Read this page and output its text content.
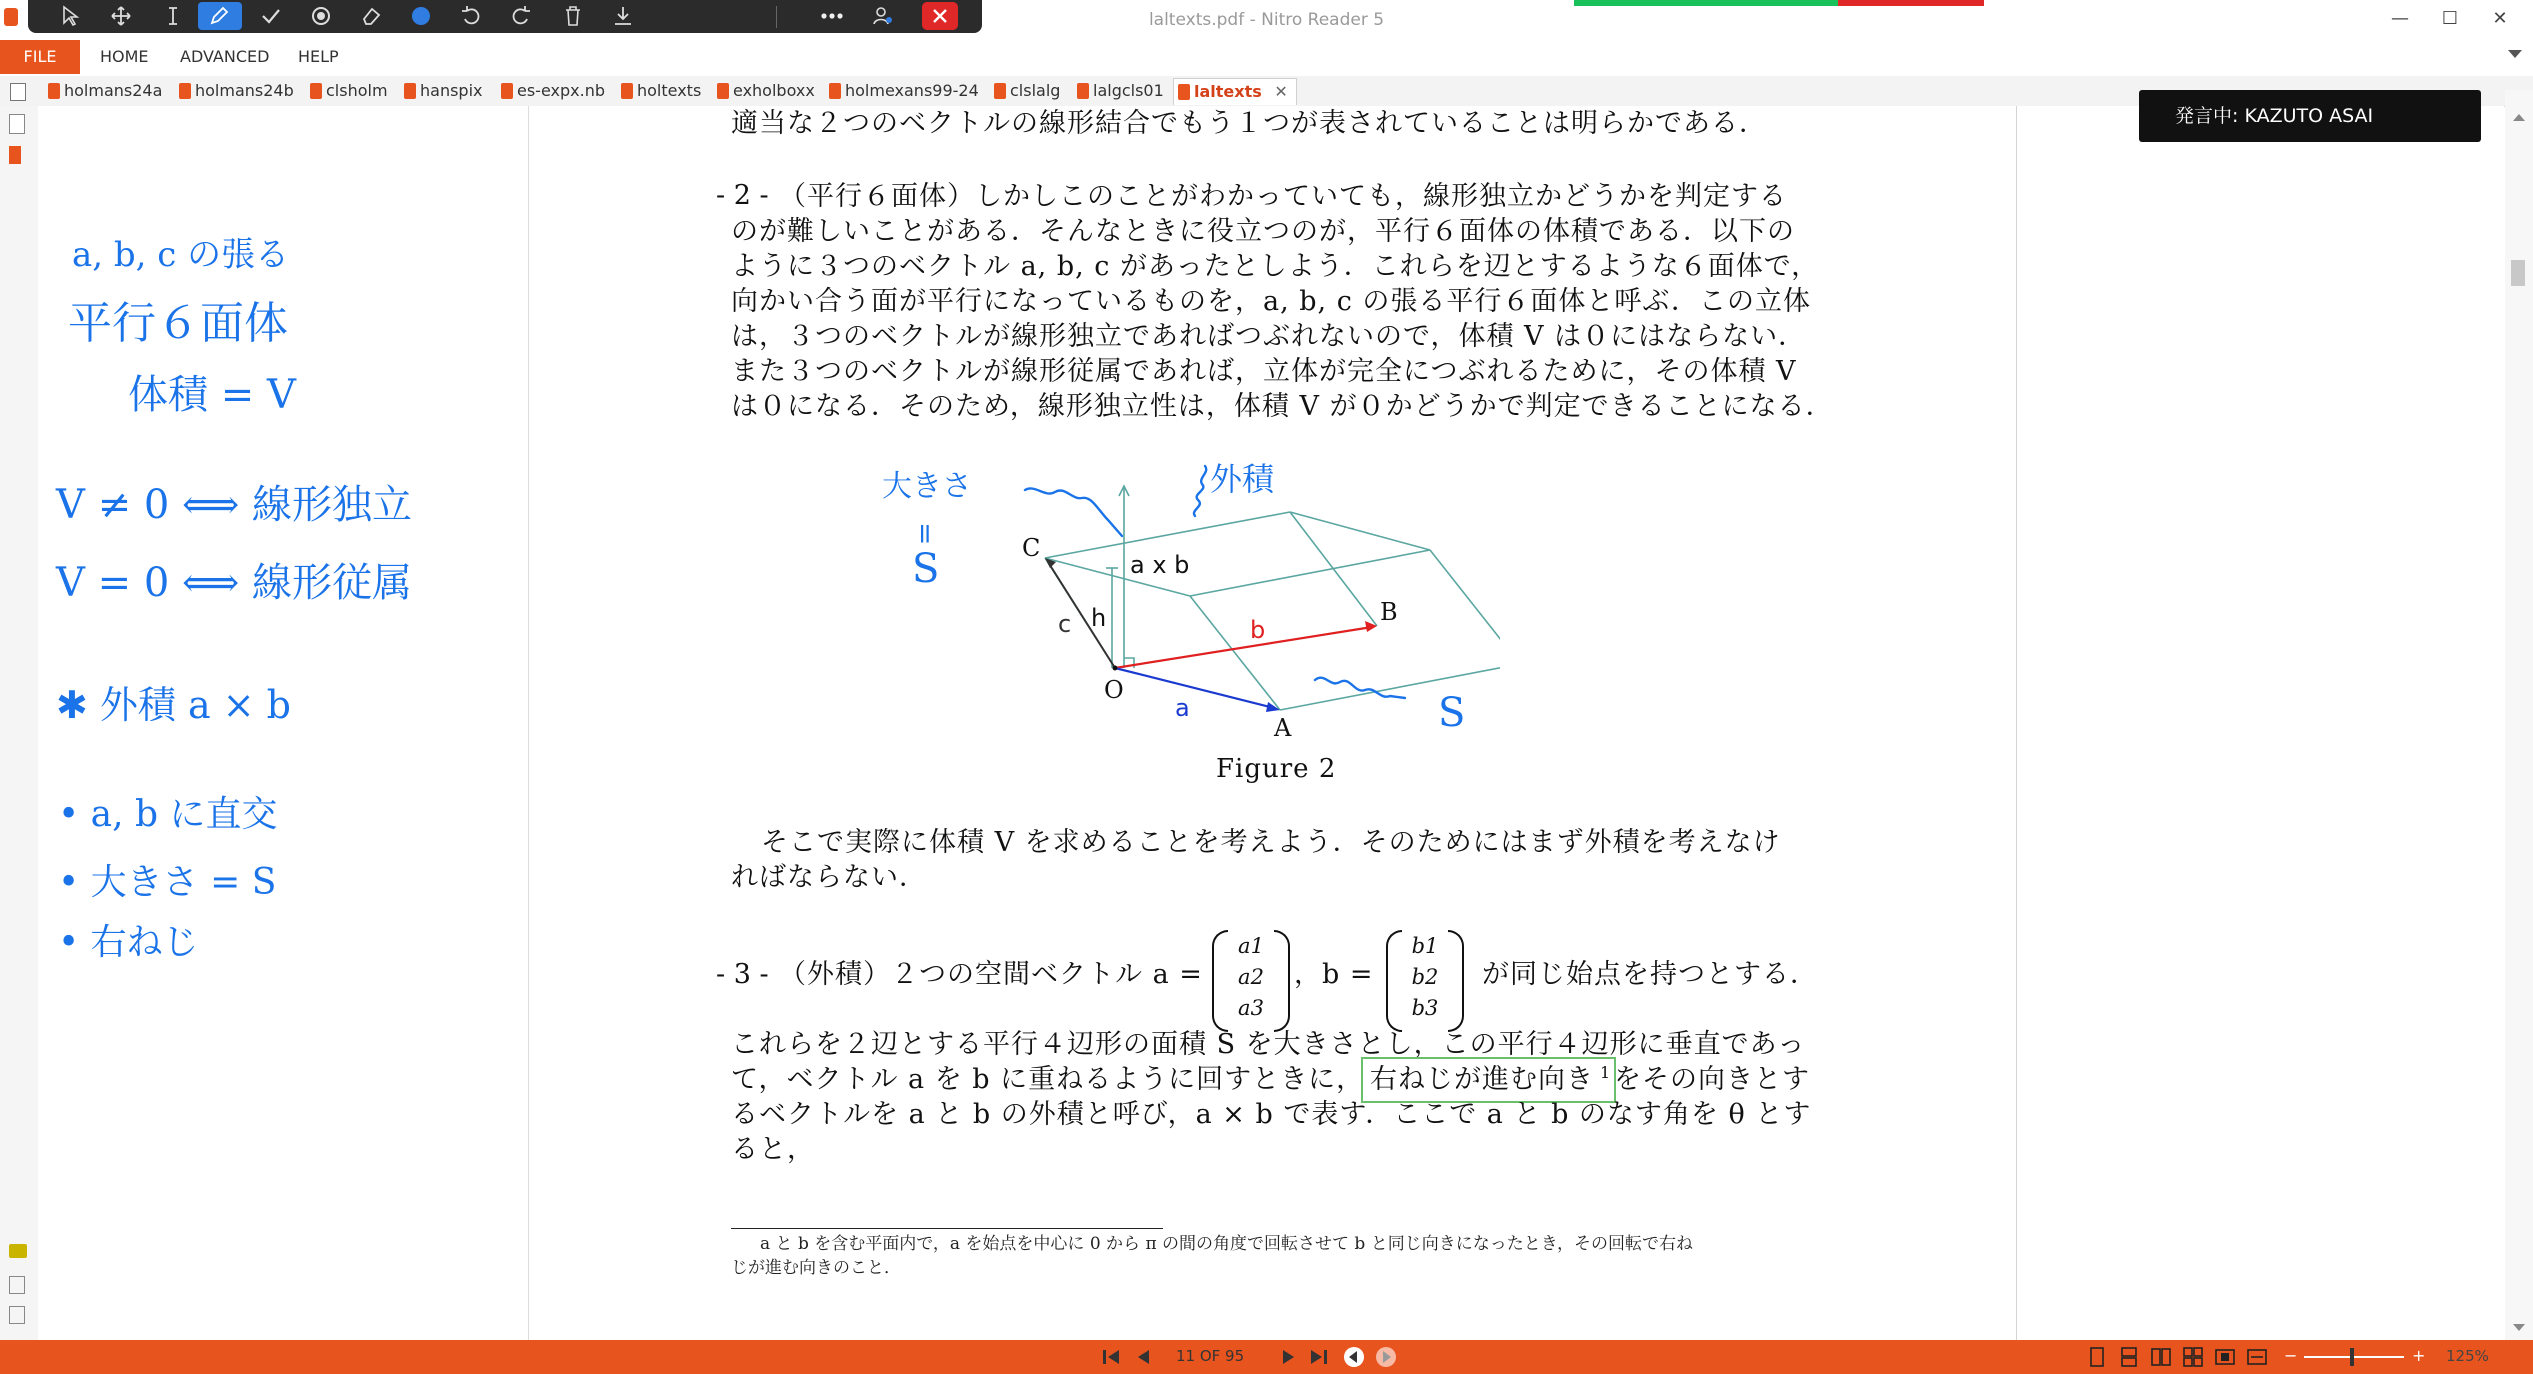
laltexts.pdf - Nitro Reader 5	—	☐	✕
FILE	HOME ADVANCED HELP
holmans24a	holmans24b	clsholm	hanspix	es-expx.nb	holtexts	exholboxx	holmexans99-24	clslalg	lalgcls01	laltexts ✕
a, b, c の張る
平行６面体
体積 = V
V ≠ 0 ⟺ 線形独立
V = 0 ⟺ 線形従属
✱ 外積 a × b
• a, b に直交
• 大きさ = S
• 右ねじ
適当な２つのベクトルの線形結合でもう１つが表されていることは明らかである．
- 2 - （平行６面体）しかしこのことがわかっていても，線形独立かどうかを判定する
のが難しいことがある．そんなときに役立つのが，平行６面体の体積である．以下の
ように３つのベクトル a, b, c があったとしよう．これらを辺とするような６面体で，
向かい合う面が平行になっているものを，a, b, c の張る平行６面体と呼ぶ．この立体
は，３つのベクトルが線形独立であればつぶれないので，体積 V は０にはならない．
また３つのベクトルが線形従属であれば，立体が完全につぶれるために，その体積 V
は０になる．そのため，線形独立性は，体積 V が０かどうかで判定できることになる．
C
a x b
c h	b
B
O
a
A
大きさ
=
S
外積
S
Figure 2
そこで実際に体積 V を求めることを考えよう．そのためにはまず外積を考えなけ
ればならない．
- 3 - （外積）２つの空間ベクトル a =
a1
a2
a3
，b =
b1
b2
b3
が同じ始点を持つとする．
これらを２辺とする平行４辺形の面積 S を大きさとし，この平行４辺形に垂直であっ
て，ベクトル a を b に重ねるように回すときに， 右ねじが進む向き 1 をその向きとす
るベクトルを a と b の外積と呼び，a × b で表す．ここで a と b のなす角を θ とす
ると，
a と b を含む平面内で，a を始点を中心に 0 から π の間の角度で回転させて b と同じ向きになったとき，その回転で右ね
じが進む向きのこと．
発言中: KAZUTO ASAI
11 OF 95	−	+ 125%
